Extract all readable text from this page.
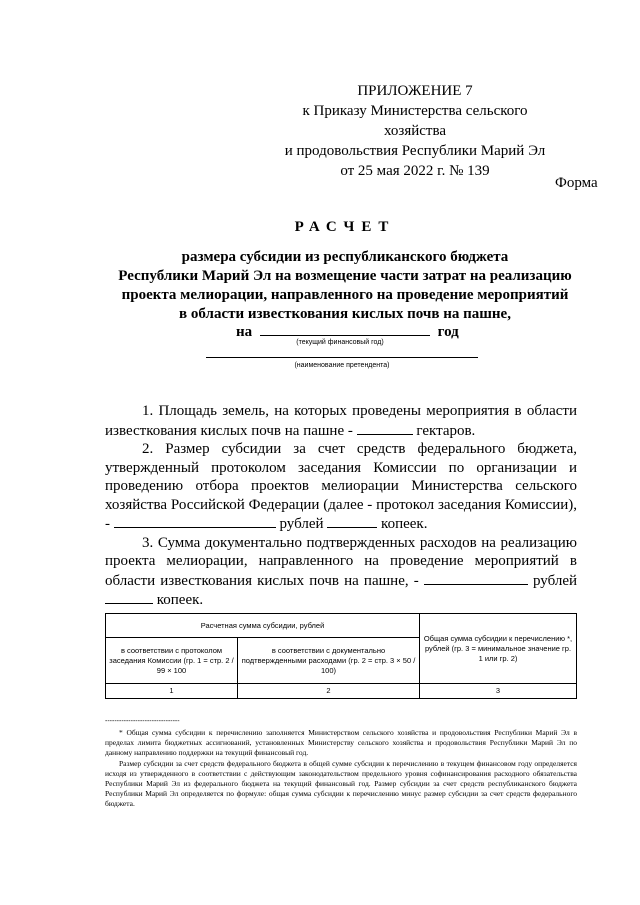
ПРИЛОЖЕНИЕ 7
к Приказу Министерства сельского хозяйства
и продовольствия Республики Марий Эл
от 25 мая 2022 г. № 139
Форма
РАСЧЕТ
размера субсидии из республиканского бюджета
Республики Марий Эл на возмещение части затрат на реализацию
проекта мелиорации, направленного на проведение мероприятий
в области известкования кислых почв на пашне,
на	год
(текущий финансовый год)
(наименование претендента)

1. Площадь земель, на которых проведены мероприятия в области известкования кислых почв на пашне -	гектаров.

2. Размер субсидии за счет средств федерального бюджета, утвержденный протоколом заседания Комиссии по организации и проведению отбора проектов мелиорации Министерства сельского хозяйства Российской Федерации (далее - протокол заседания Комиссии), -	рублей	копеек.

3. Сумма документально подтвержденных расходов на реализацию проекта мелиорации, направленного на проведение мероприятий в области известкования кислых почв на пашне, -	рублей  копеек.

Расчетная сумма субсидии, рублей		Общая сумма субсидии к перечислению *, рублей (гр. 3 = минимальное значение гр. 1 или гр. 2)
в соответствии с протоколом заседания Комиссии (гр. 1 = стр. 2 / 99 × 100	в соответствии с документально подтвержденными расходами (гр. 2 = стр. 3 × 50 / 100)	
1	2	3
--------------------------------

* Общая сумма субсидии к перечислению заполняется Министерством сельского хозяйства и продовольствия Республики Марий Эл в пределах лимита бюджетных ассигнований, установленных Министерству сельского хозяйства и продовольствия Республики Марий Эл по данному направлению поддержки на текущий финансовый год.

Размер субсидии за счет средств федерального бюджета в общей сумме субсидии к перечислению в текущем финансовом году определяется исходя из утвержденного в соответствии с действующим законодательством предельного уровня софинансирования расходного обязательства Республики Марий Эл из федерального бюджета на текущий финансовый год. Размер субсидии за счет средств республиканского бюджета Республики Марий Эл определяется по формуле: общая сумма субсидии к перечислению минус размер субсидии за счет средств федерального бюджета.
